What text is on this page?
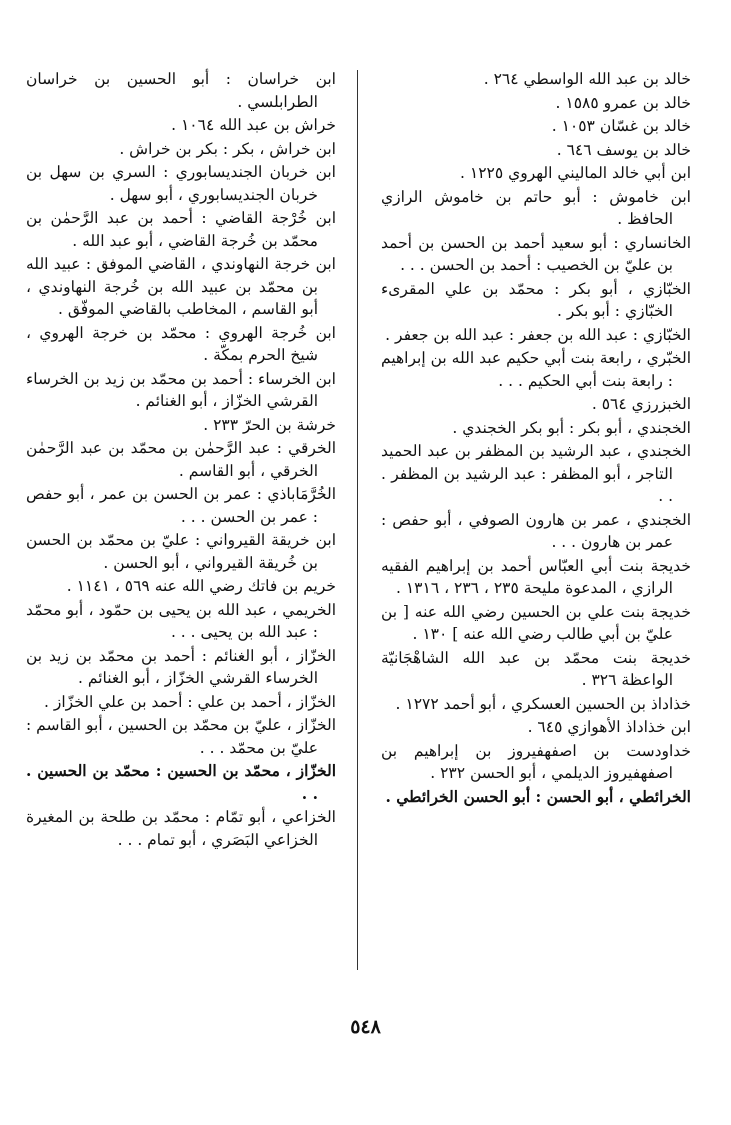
خالد بن عبد الله الواسطي ٢٦٤ .
خالد بن عمرو ١٥٨٥ .
خالد بن غسّان ١٠٥٣ .
خالد بن يوسف ٦٤٦ .
ابن أبي خالد الماليني الهروي ١٢٢٥ .
ابن خاموش : أبو حاتم بن خاموش الرازي الحافظ .
الخانساري : أبو سعيد أحمد بن الحسن بن أحمد بن عليّ بن الخصيب : أحمد بن الحسن . . .
الخبّازي ، أبو بكر : محمّد بن علي المقرىء الخبّازي : أبو بكر .
الخبّازي : عبد الله بن جعفر : عبد الله بن جعفر .
الخبّري ، رابعة بنت أبي حكيم عبد الله بن إبراهيم : رابعة بنت أبي الحكيم . . .
الخبزرزي ٥٦٤ .
الخجندي ، أبو بكر : أبو بكر الخجندي .
الخجندي ، عبد الرشيد بن المظفر بن عبد الحميد التاجر ، أبو المظفر : عبد الرشيد بن المظفر . . .
الخجندي ، عمر بن هارون الصوفي ، أبو حفص : عمر بن هارون . . .
خديجة بنت أبي العبّاس أحمد بن إبراهيم الفقيه الرازي ، المدعوة مليحة ٢٣٥ ، ٢٣٦ ، ١٣١٦ .
خديجة بنت علي بن الحسين رضي الله عنه [ بن عليّ بن أبي طالب رضي الله عنه ] ١٣٠ .
خديجة بنت محمّد بن عبد الله الشاهْجَانيّة الواعظة ٣٢٦ .
خذاداذ بن الحسين العسكري ، أبو أحمد ١٢٧٢ .
ابن خذاداذ الأهوازي ٦٤٥ .
خداودست بن اصفهفيروز بن إبراهيم بن اصفهفيروز الديلمي ، أبو الحسن ٢٣٢ .
الخرائطي ، أبو الحسن : أبو الحسن الخرائطي .
ابن خراسان : أبو الحسين بن خراسان الطرابلسي .
خراش بن عبد الله ١٠٦٤ .
ابن خراش ، بكر : بكر بن خراش .
ابن خربان الجنديسابوري : السري بن سهل بن خربان الجنديسابوري ، أبو سهل .
ابن خُرْجة القاضي : أحمد بن عبد الرَّحمٰن بن محمّد بن خُرجة القاضي ، أبو عبد الله .
ابن خرجة النهاوندي ، القاضي الموفق : عبيد الله بن محمّد بن عبيد الله بن خُرجة النهاوندي ، أبو القاسم ، المخاطب بالقاضي الموفّق .
ابن خُرجة الهروي : محمّد بن خرجة الهروي ، شيخ الحرم بمكّة .
ابن الخرساء : أحمد بن محمّد بن زيد بن الخرساء القرشي الخزّاز ، أبو الغنائم .
خرشة بن الحرّ ٢٣٣ .
الخرقي : عبد الرَّحمٰن بن محمّد بن عبد الرَّحمٰن الخرقي ، أبو القاسم .
الخُرَّمَاباذي : عمر بن الحسن بن عمر ، أبو حفص : عمر بن الحسن . . .
ابن خريقة القيرواني : عليّ بن محمّد بن الحسن بن خُريقة القيرواني ، أبو الحسن .
خريم بن فاتك رضي الله عنه ٥٦٩ ، ١١٤١ .
الخريمي ، عبد الله بن يحيى بن حمّود ، أبو محمّد : عبد الله بن يحيى . . .
الخزّاز ، أبو الغنائم : أحمد بن محمّد بن زيد بن الخرساء القرشي الخزّاز ، أبو الغنائم .
الخزّاز ، أحمد بن علي : أحمد بن علي الخزّاز .
الخزّاز ، عليّ بن محمّد بن الحسين ، أبو القاسم : عليّ بن محمّد . . .
الخزّاز ، محمّد بن الحسين : محمّد بن الحسين . . .
الخزاعي ، أبو تمّام : محمّد بن طلحة بن المغيرة الخزاعي البَصَري ، أبو تمام . . .
٥٤٨
